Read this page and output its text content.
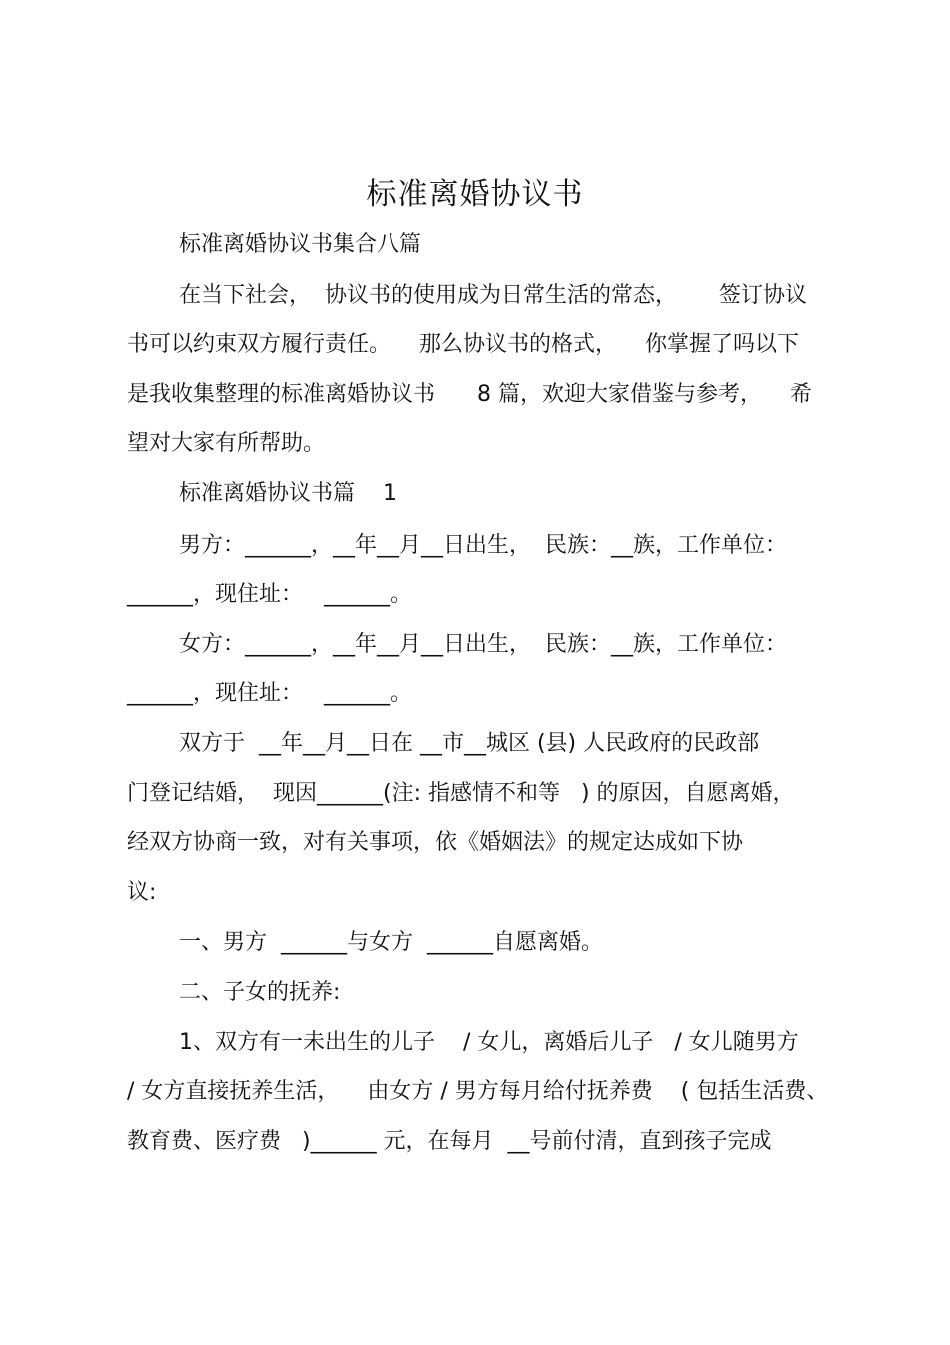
标准离婚协议书

标准离婚协议书集合八篇

在当下社会，  协议书的使用成为日常生活的常态，      签订协议

书可以约束双方履行责任。    那么协议书的格式，    你掌握了吗以下

是我收集整理的标准离婚协议书      8 篇，欢迎大家借鉴与参考，    希

望对大家有所帮助。

标准离婚协议书篇    1

男方：______，__年__月__日出生，  民族：__族，工作单位：

______，现住址：   ______。

女方：______，__年__月__日出生，  民族：__族，工作单位：

______，现住址：   ______。

双方于  __年__月__日在 __市__城区 (县) 人民政府的民政部

门登记结婚，  现因______(注: 指感情不和等   ) 的原因，自愿离婚，

经双方协商一致，对有关事项，依《婚姻法》的规定达成如下协

议:

一、男方  ______与女方  ______自愿离婚。

二、子女的抚养:

1、双方有一未出生的儿子    / 女儿，离婚后儿子   / 女儿随男方

/ 女方直接抚养生活，    由女方 / 男方每月给付抚养费    ( 包括生活费、

教育费、医疗费   )______ 元，在每月  __号前付清，直到孩子完成
